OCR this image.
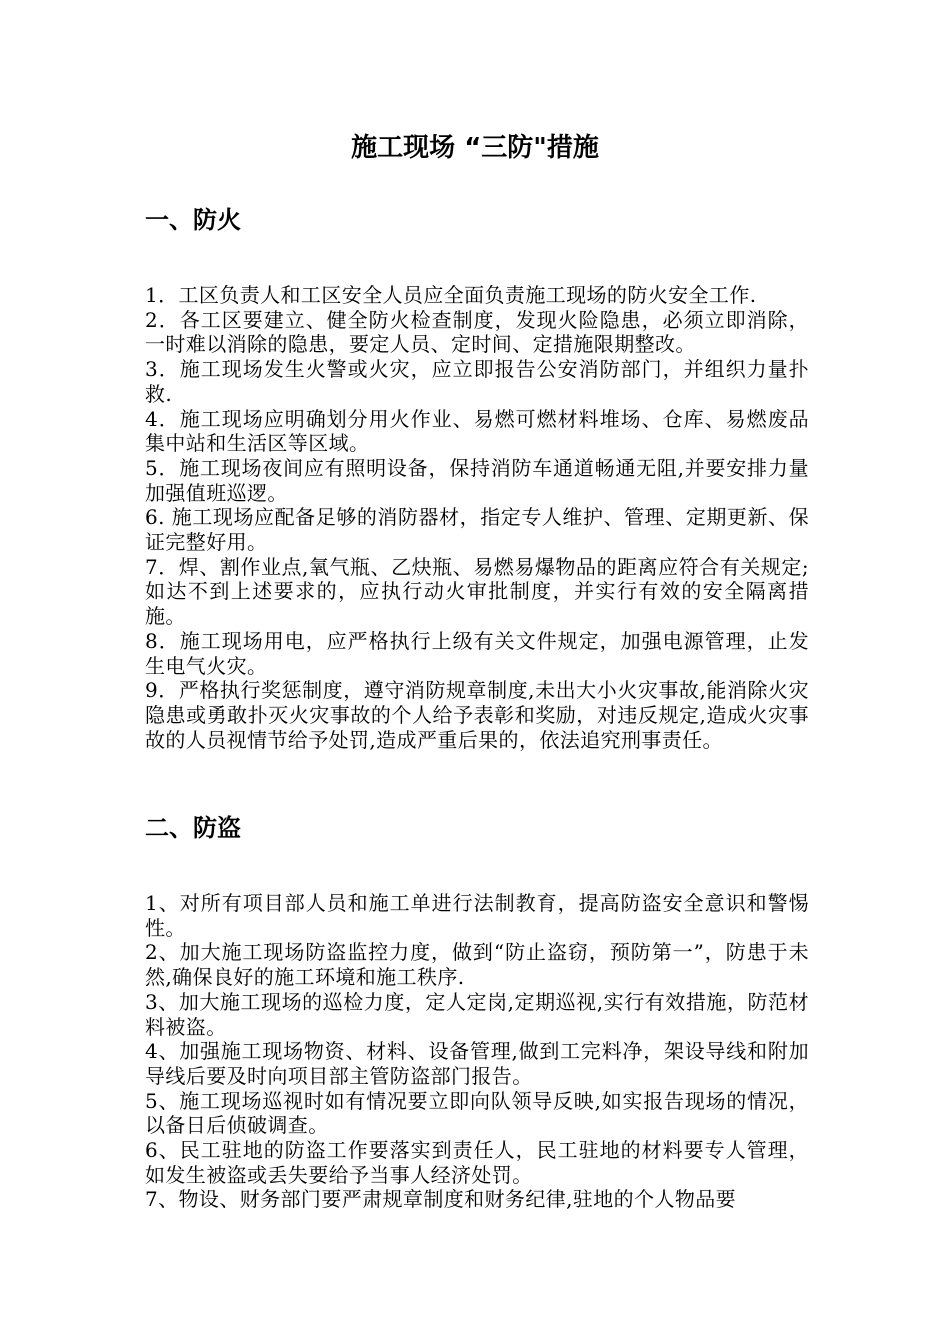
施工现场 “三防"措施
一、防火

1．工区负责人和工区安全人员应全面负责施工现场的防火安全工作.

2．各工区要建立、健全防火检查制度，发现火险隐患，必须立即消除，一时难以消除的隐患，要定人员、定时间、定措施限期整改。

3．施工现场发生火警或火灾，应立即报告公安消防部门，并组织力量扑救.

4．施工现场应明确划分用火作业、易燃可燃材料堆场、仓库、易燃废品集中站和生活区等区域。

5．施工现场夜间应有照明设备，保持消防车通道畅通无阻,并要安排力量加强值班巡逻。

6. 施工现场应配备足够的消防器材，指定专人维护、管理、定期更新、保证完整好用。

7．焊、割作业点,氧气瓶、乙炔瓶、易燃易爆物品的距离应符合有关规定;如达不到上述要求的，应执行动火审批制度，并实行有效的安全隔离措施。

8．施工现场用电，应严格执行上级有关文件规定，加强电源管理，止发生电气火灾。

9．严格执行奖惩制度，遵守消防规章制度,未出大小火灾事故,能消除火灾隐患或勇敢扑灭火灾事故的个人给予表彰和奖励，对违反规定,造成火灾事故的人员视情节给予处罚,造成严重后果的，依法追究刑事责任。

二、防盗

1、对所有项目部人员和施工单进行法制教育，提高防盗安全意识和警惕性。

2、加大施工现场防盗监控力度，做到“防止盗窃，预防第一”，防患于未然,确保良好的施工环境和施工秩序.

3、加大施工现场的巡检力度，定人定岗,定期巡视,实行有效措施，防范材料被盗。

4、加强施工现场物资、材料、设备管理,做到工完料净，架设导线和附加导线后要及时向项目部主管防盗部门报告。

5、施工现场巡视时如有情况要立即向队领导反映,如实报告现场的情况，以备日后侦破调查。

6、民工驻地的防盗工作要落实到责任人，民工驻地的材料要专人管理，如发生被盗或丢失要给予当事人经济处罚。

7、物设、财务部门要严肃规章制度和财务纪律,驻地的个人物品要
